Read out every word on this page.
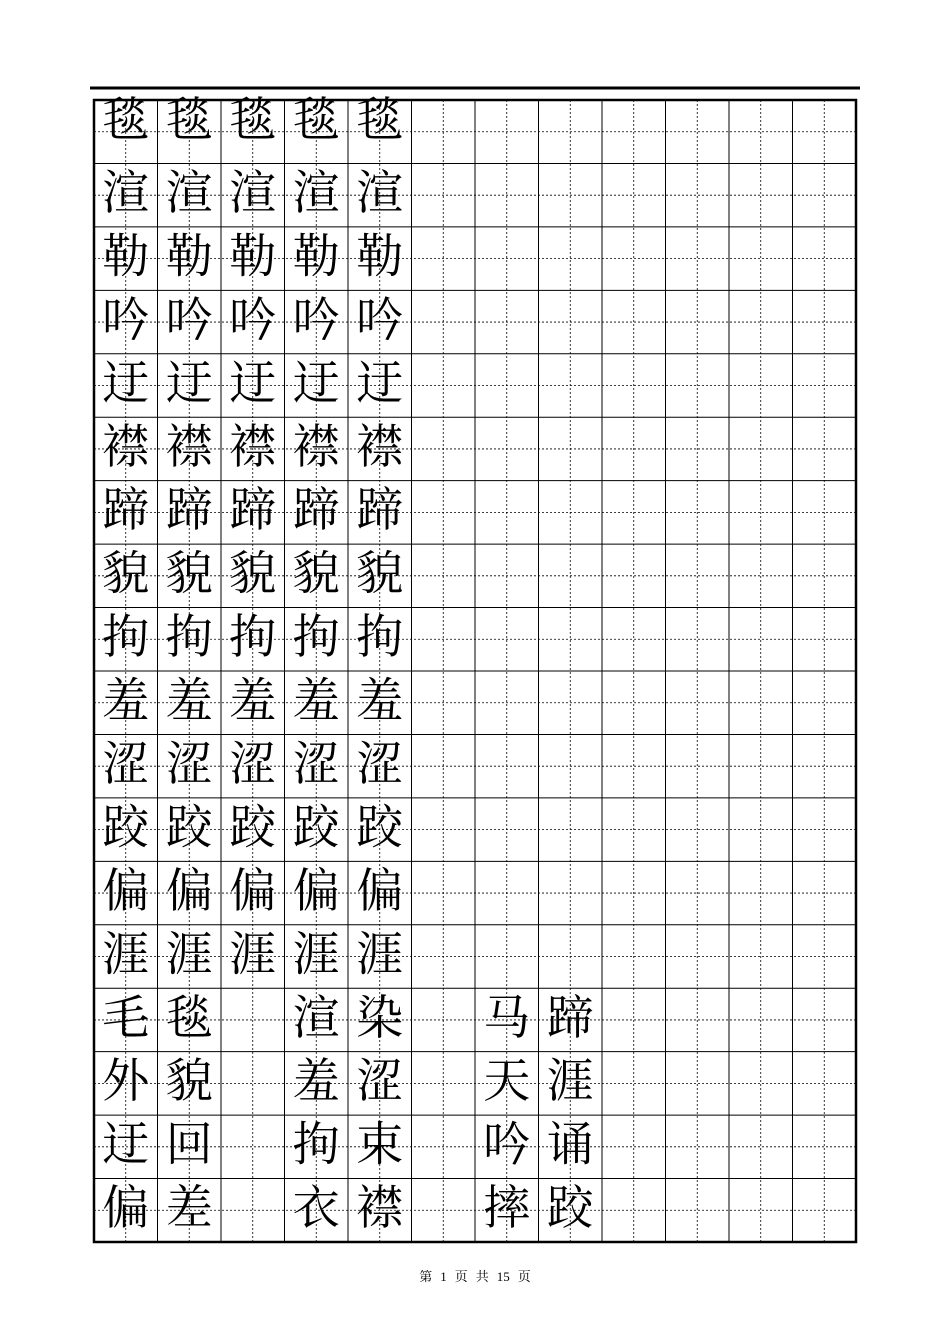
毯 毯 毯 毯 毯
渲 渲 渲 渲 渲
勒 勒 勒 勒 勒
吟 吟 吟 吟 吟
迂 迂 迂 迂 迂
襟 襟 襟 襟 襟
蹄 蹄 蹄 蹄 蹄
貌 貌 貌 貌 貌
拘 拘 拘 拘 拘
羞 羞 羞 羞 羞
涩 涩 涩 涩 涩
跤 跤 跤 跤 跤
偏 偏 偏 偏 偏
涯 涯 涯 涯 涯
毛 毯 渲 染 马 蹄
外 貌 羞 涩 天 涯
迂 回 拘 束 吟 诵
偏 差 衣 襟 摔 跤
第 1 页 共 15 页
